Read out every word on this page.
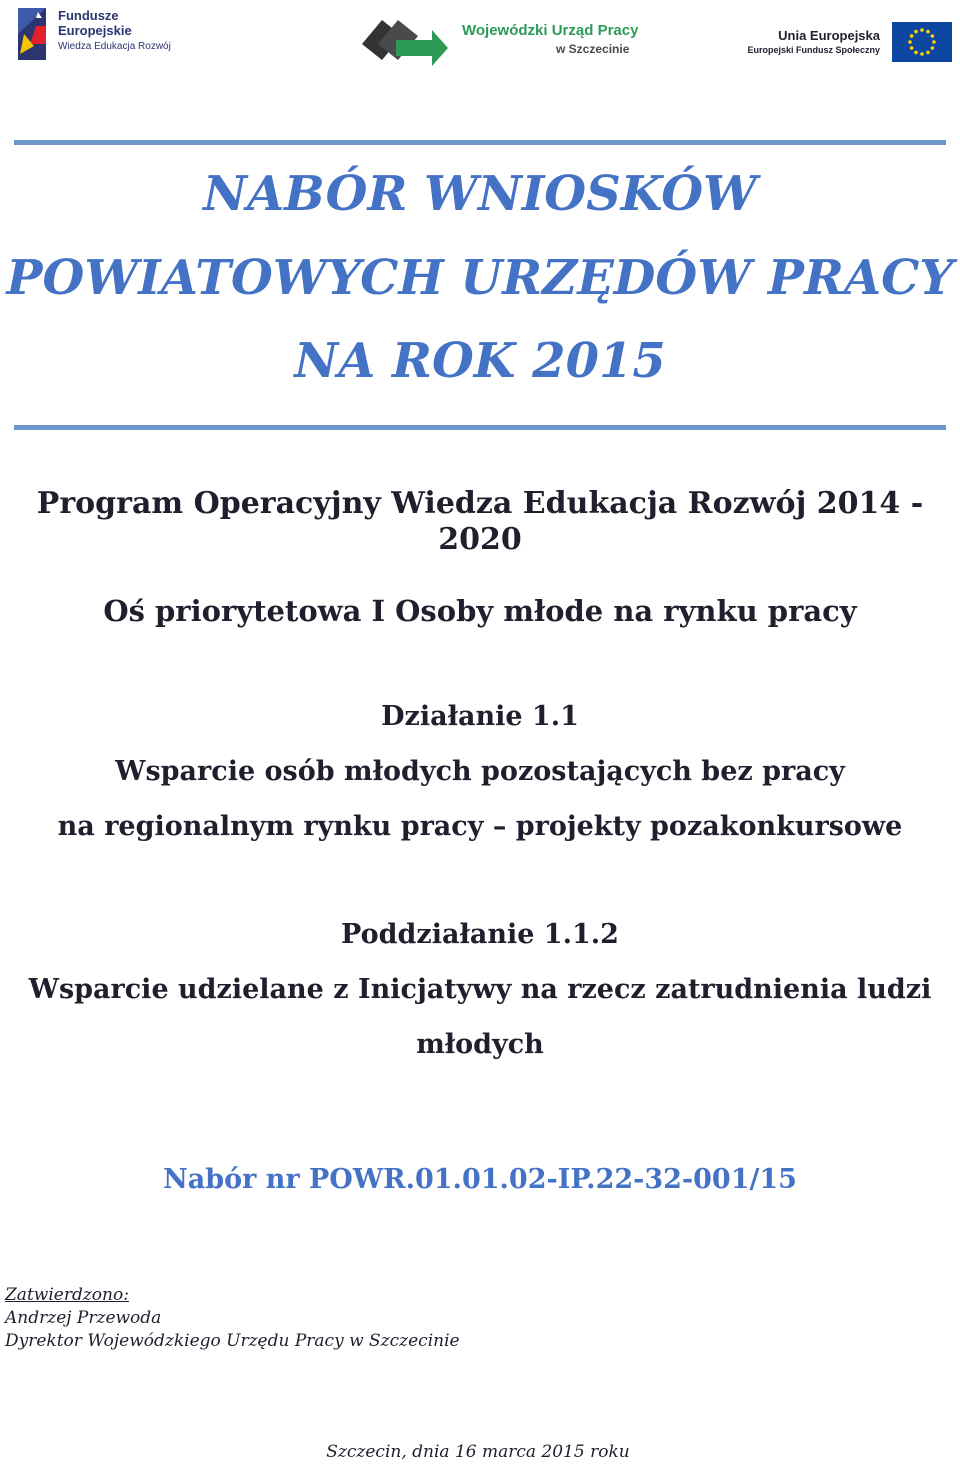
Fundusze
Europejskie
Wiedza Edukacja Rozwój
Wojewódzki Urząd Pracy
w Szczecinie
Unia Europejska
Europejski Fundusz Społeczny
NABÓR WNIOSKÓW
POWIATOWYCH URZĘDÓW PRACY
NA ROK 2015
Program Operacyjny Wiedza Edukacja Rozwój 2014 - 2020
Oś priorytetowa I Osoby młode na rynku pracy
Działanie 1.1
Wsparcie osób młodych pozostających bez pracy
na regionalnym rynku pracy – projekty pozakonkursowe
Poddziałanie 1.1.2
Wsparcie udzielane z Inicjatywy na rzecz zatrudnienia ludzi
młodych
Nabór nr POWR.01.01.02-IP.22-32-001/15
Zatwierdzono:
Andrzej Przewoda
Dyrektor Wojewódzkiego Urzędu Pracy w Szczecinie
Szczecin, dnia 16 marca 2015 roku
